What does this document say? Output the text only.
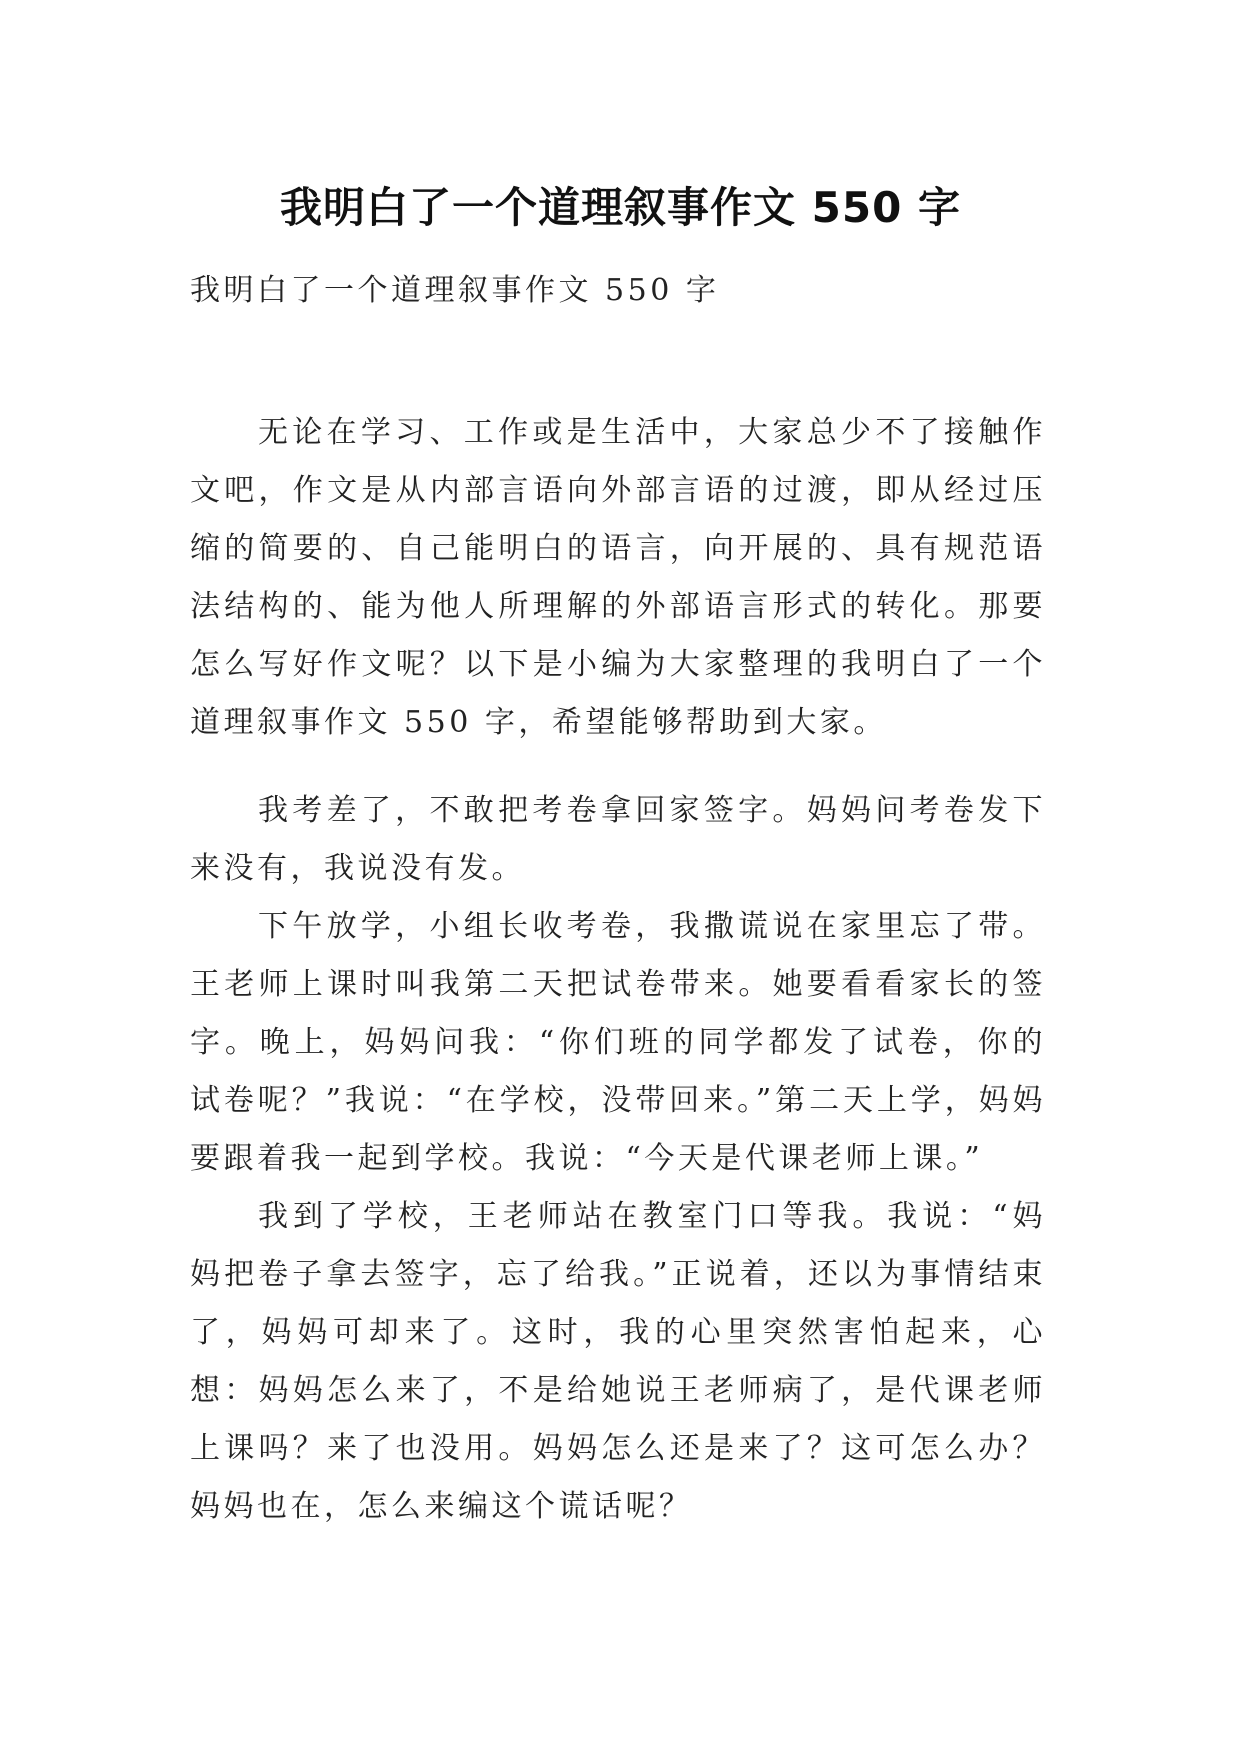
我明白了一个道理叙事作文 550 字

我明白了一个道理叙事作文 550 字

无论在学习、工作或是生活中，大家总少不了接触作文吧，作文是从内部言语向外部言语的过渡，即从经过压缩的简要的、自己能明白的语言，向开展的、具有规范语法结构的、能为他人所理解的外部语言形式的转化。那要怎么写好作文呢？以下是小编为大家整理的我明白了一个道理叙事作文 550 字，希望能够帮助到大家。

我考差了，不敢把考卷拿回家签字。妈妈问考卷发下来没有，我说没有发。

下午放学，小组长收考卷，我撒谎说在家里忘了带。王老师上课时叫我第二天把试卷带来。她要看看家长的签字。晚上，妈妈问我：“你们班的同学都发了试卷，你的试卷呢？”我说：“在学校，没带回来。”第二天上学，妈妈要跟着我一起到学校。我说：“今天是代课老师上课。”

我到了学校，王老师站在教室门口等我。我说：“妈妈把卷子拿去签字，忘了给我。”正说着，还以为事情结束了，妈妈可却来了。这时，我的心里突然害怕起来，心想：妈妈怎么来了，不是给她说王老师病了，是代课老师上课吗？来了也没用。妈妈怎么还是来了？这可怎么办？妈妈也在，怎么来编这个谎话呢？
